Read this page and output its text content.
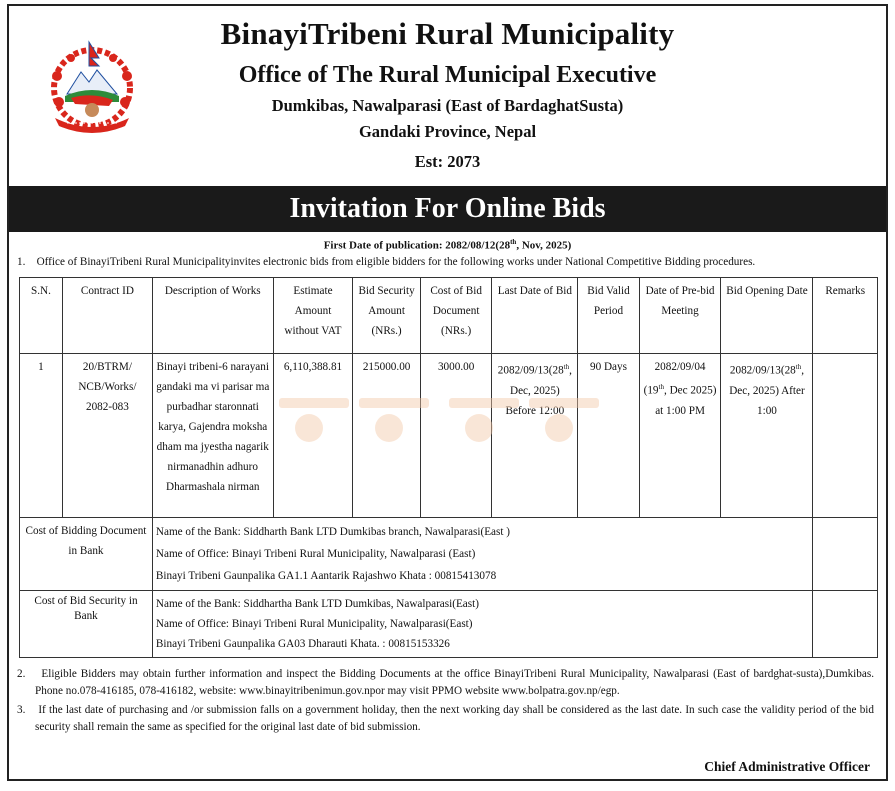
BinayiTribeni Rural Municipality
Office of The Rural Municipal Executive
Dumkibas, Nawalparasi (East of BardaghatSusta)
Gandaki Province, Nepal
Est: 2073
Invitation For Online Bids
First Date of publication: 2082/08/12(28th, Nov, 2025)
1.    Office of BinayiTribeni Rural Municipalityinvites electronic bids from eligible bidders for the following works under National Competitive Bidding procedures.
S.N.	Contract ID	Description of Works	Estimate Amount without VAT	Bid Security Amount (NRs.)	Cost of Bid Document (NRs.)	Last Date of Bid	Bid Valid Period	Date of Pre-bid Meeting	Bid Opening Date	Remarks
1	20/BTRM/ NCB/Works/ 2082-083	Binayi tribeni-6 narayani gandaki ma vi parisar ma purbadhar staronnati karya, Gajendra moksha dham ma jyestha nagarik nirmanadhin adhuro Dharmashala nirman	6,110,388.81	215000.00	3000.00	2082/09/13(28th, Dec, 2025) Before 12:00	90 Days	2082/09/04 (19th, Dec 2025) at 1:00 PM	2082/09/13(28th, Dec, 2025) After 1:00	
Cost of Bidding Document in Bank		Name of the Bank: Siddharth Bank LTD Dumkibas branch, Nawalparasi(East )
Name of Office: Binayi Tribeni Rural Municipality, Nawalparasi (East)
Binayi Tribeni Gaunpalika GA1.1 Aantarik Rajashwo Khata : 00815413078								

Cost of Bid Security in Bank		Name of the Bank: Siddhartha Bank LTD Dumkibas, Nawalparasi(East)
Name of Office: Binayi Tribeni Rural Municipality, Nawalparasi(East)
Binayi Tribeni Gaunpalika GA03 Dharauti Khata. : 00815153326								

2.    Eligible Bidders may obtain further information and inspect the Bidding Documents at the office BinayiTribeni Rural Municipality, Nawalparasi (East of bardghat-susta),Dumkibas. Phone no.078-416185, 078-416182, website: www.binayitribenimun.gov.npor may visit PPMO website www.bolpatra.gov.np/egp.
3.    If the last date of purchasing and /or submission falls on a government holiday, then the next working day shall be considered as the last date. In such case the validity period of the bid security shall remain the same as specified for the original last date of bid submission.
Chief Administrative Officer
